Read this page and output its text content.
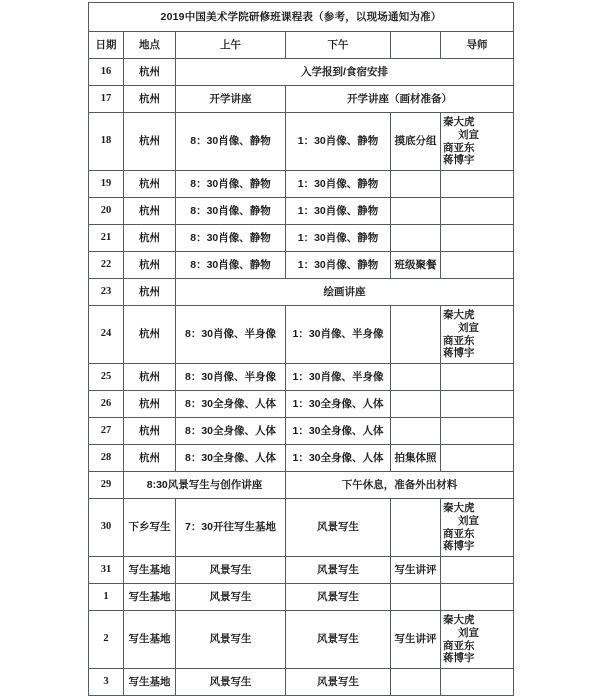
2019中国美术学院研修班课程表（参考，以现场通知为准）					
日期	地点	上午	下午		导师
16	杭州	入学报到/食宿安排			
17	杭州	开学讲座	开学讲座（画材准备）		
18	杭州	8：30肖像、静物	1：30肖像、静物	摸底分组	秦大虎
刘宣
商亚东
蒋博宇

19	杭州	8：30肖像、静物	1：30肖像、静物		
20	杭州	8：30肖像、静物	1：30肖像、静物		
21	杭州	8：30肖像、静物	1：30肖像、静物		
22	杭州	8：30肖像、静物	1：30肖像、静物	班级聚餐	
23	杭州	绘画讲座			
24	杭州	8：30肖像、半身像	1：30肖像、半身像		秦大虎
刘宣
商亚东
蒋博宇

25	杭州	8：30肖像、半身像	1：30肖像、半身像		
26	杭州	8：30全身像、人体	1：30全身像、人体		
27	杭州	8：30全身像、人体	1：30全身像、人体		
28	杭州	8：30全身像、人体	1：30全身像、人体	拍集体照	
29	8:30风景写生与创作讲座		下午休息，准备外出材料		
30	下乡写生	7：30开往写生基地	风景写生		秦大虎
刘宣
商亚东
蒋博宇

31	写生基地	风景写生	风景写生	写生讲评	
1	写生基地	风景写生	风景写生		
2	写生基地	风景写生	风景写生	写生讲评	秦大虎
刘宣
商亚东
蒋博宇

3	写生基地	风景写生	风景写生		
